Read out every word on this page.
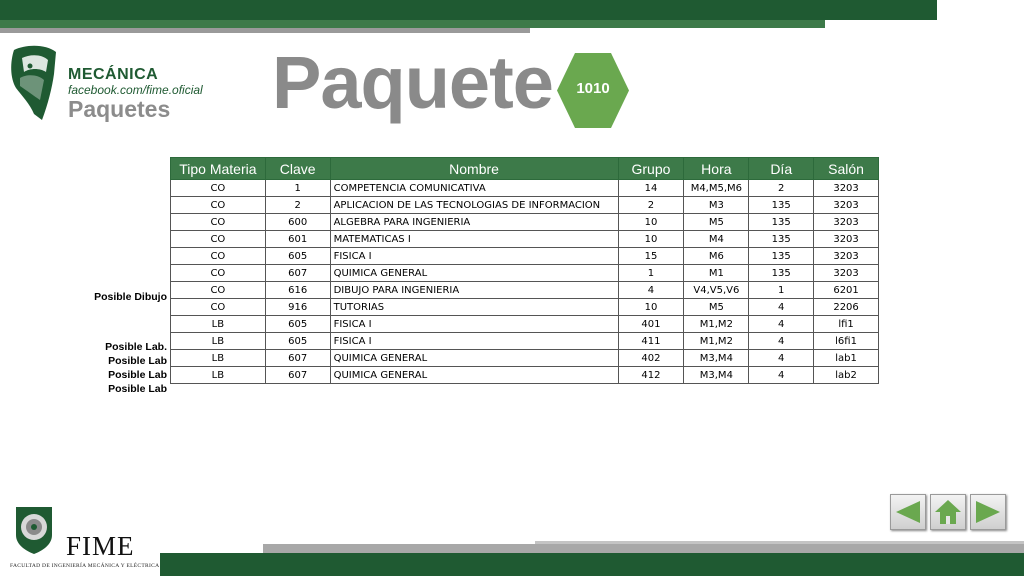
MECÁNICA
facebook.com/fime.oficial
Paquetes Paquete	1010
Posible Dibujo
Posible Lab.
Posible Lab
Posible Lab
Posible Lab
Tipo Materia	Clave	Nombre	Grupo	Hora	Día	Salón
CO	1	COMPETENCIA COMUNICATIVA	14	M4,M5,M6	2	3203
CO	2	APLICACION DE LAS TECNOLOGIAS DE INFORMACION	2	M3	135	3203
CO	600	ALGEBRA PARA INGENIERIA	10	M5	135	3203
CO	601	MATEMATICAS I	10	M4	135	3203
CO	605	FISICA I	15	M6	135	3203
CO	607	QUIMICA GENERAL	1	M1	135	3203
CO	616	DIBUJO PARA INGENIERIA	4	V4,V5,V6	1	6201
CO	916	TUTORIAS	10	M5	4	2206
LB	605	FISICA I	401	M1,M2	4	lfi1
LB	605	FISICA I	411	M1,M2	4	l6fi1
LB	607	QUIMICA GENERAL	402	M3,M4	4	lab1
LB	607	QUIMICA GENERAL	412	M3,M4	4	lab2
FIME
FACULTAD DE INGENIERÍA MECÁNICA Y ELÉCTRICA
